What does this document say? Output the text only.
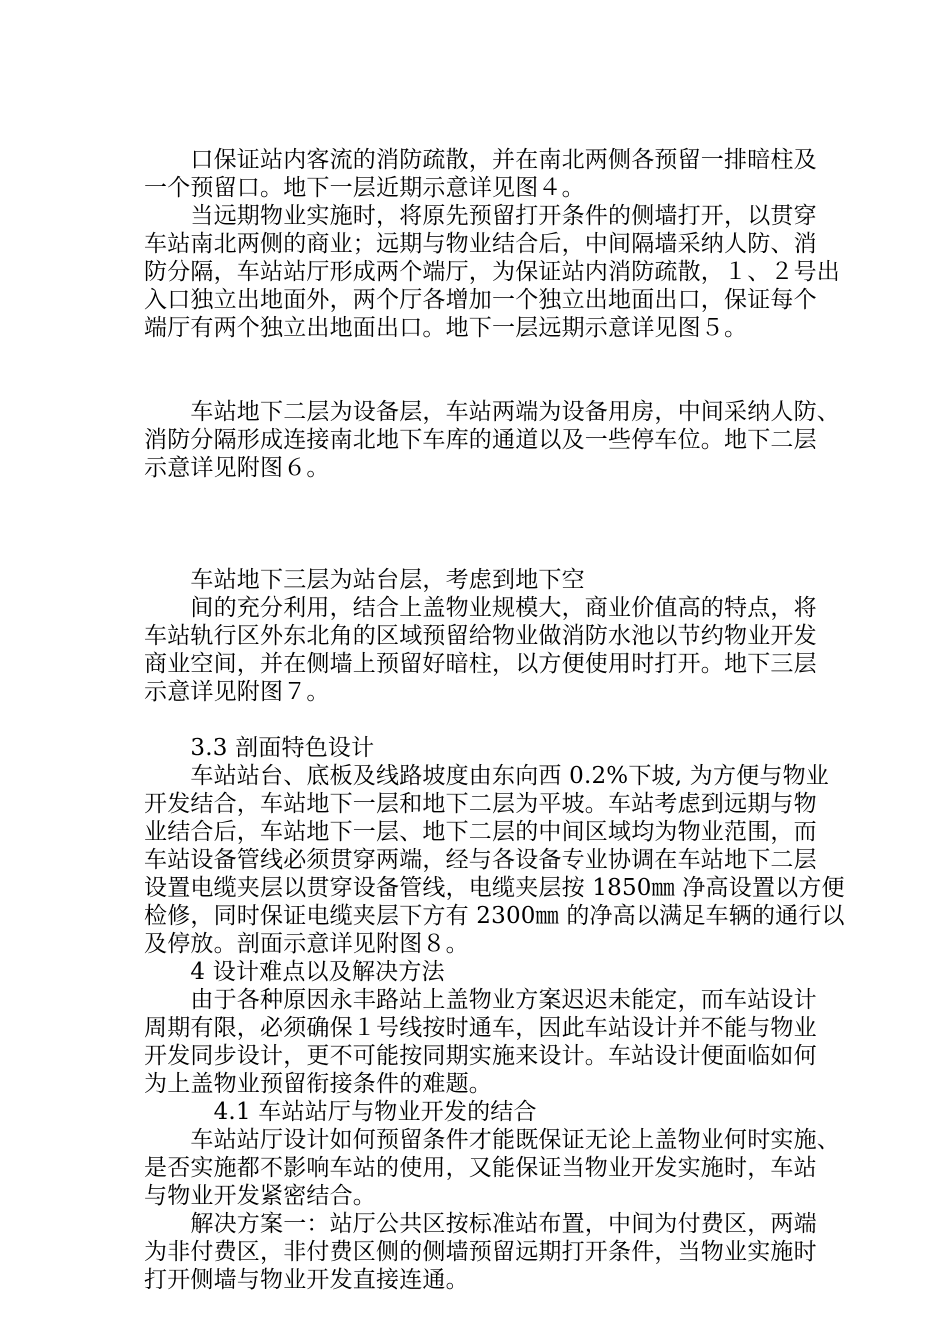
　　口保证站内客流的消防疏散，并在南北两侧各预留一排暗柱及

一个预留口。地下一层近期示意详见图４。

　　当远期物业实施时，将原先预留打开条件的侧墙打开，以贯穿

车站南北两侧的商业；远期与物业结合后，中间隔墙采纳人防、消

防分隔，车站站厅形成两个端厅，为保证站内消防疏散，１、２号出

入口独立出地面外，两个厅各增加一个独立出地面出口，保证每个

端厅有两个独立出地面出口。地下一层远期示意详见图５。

　　车站地下二层为设备层，车站两端为设备用房，中间采纳人防、

消防分隔形成连接南北地下车库的通道以及一些停车位。地下二层

示意详见附图６。

　　车站地下三层为站台层，考虑到地下空

　　间的充分利用，结合上盖物业规模大，商业价值高的特点，将

车站轨行区外东北角的区域预留给物业做消防水池以节约物业开发

商业空间，并在侧墙上预留好暗柱，以方便使用时打开。地下三层

示意详见附图７。

　　3.3 剖面特色设计

　　车站站台、底板及线路坡度由东向西 0.2%下坡, 为方便与物业

开发结合，车站地下一层和地下二层为平坡。车站考虑到远期与物

业结合后，车站地下一层、地下二层的中间区域均为物业范围，而

车站设备管线必须贯穿两端，经与各设备专业协调在车站地下二层

设置电缆夹层以贯穿设备管线，电缆夹层按 1850㎜ 净高设置以方便

检修，同时保证电缆夹层下方有 2300㎜ 的净高以满足车辆的通行以

及停放。剖面示意详见附图８。

　　4 设计难点以及解决方法

　　由于各种原因永丰路站上盖物业方案迟迟未能定，而车站设计

周期有限，必须确保１号线按时通车，因此车站设计并不能与物业

开发同步设计，更不可能按同期实施来设计。车站设计便面临如何

为上盖物业预留衔接条件的难题。

　　　4.1 车站站厅与物业开发的结合

　　车站站厅设计如何预留条件才能既保证无论上盖物业何时实施、

是否实施都不影响车站的使用，又能保证当物业开发实施时，车站

与物业开发紧密结合。

　　解决方案一：站厅公共区按标准站布置，中间为付费区，两端

为非付费区，非付费区侧的侧墙预留远期打开条件，当物业实施时

打开侧墙与物业开发直接连通。
